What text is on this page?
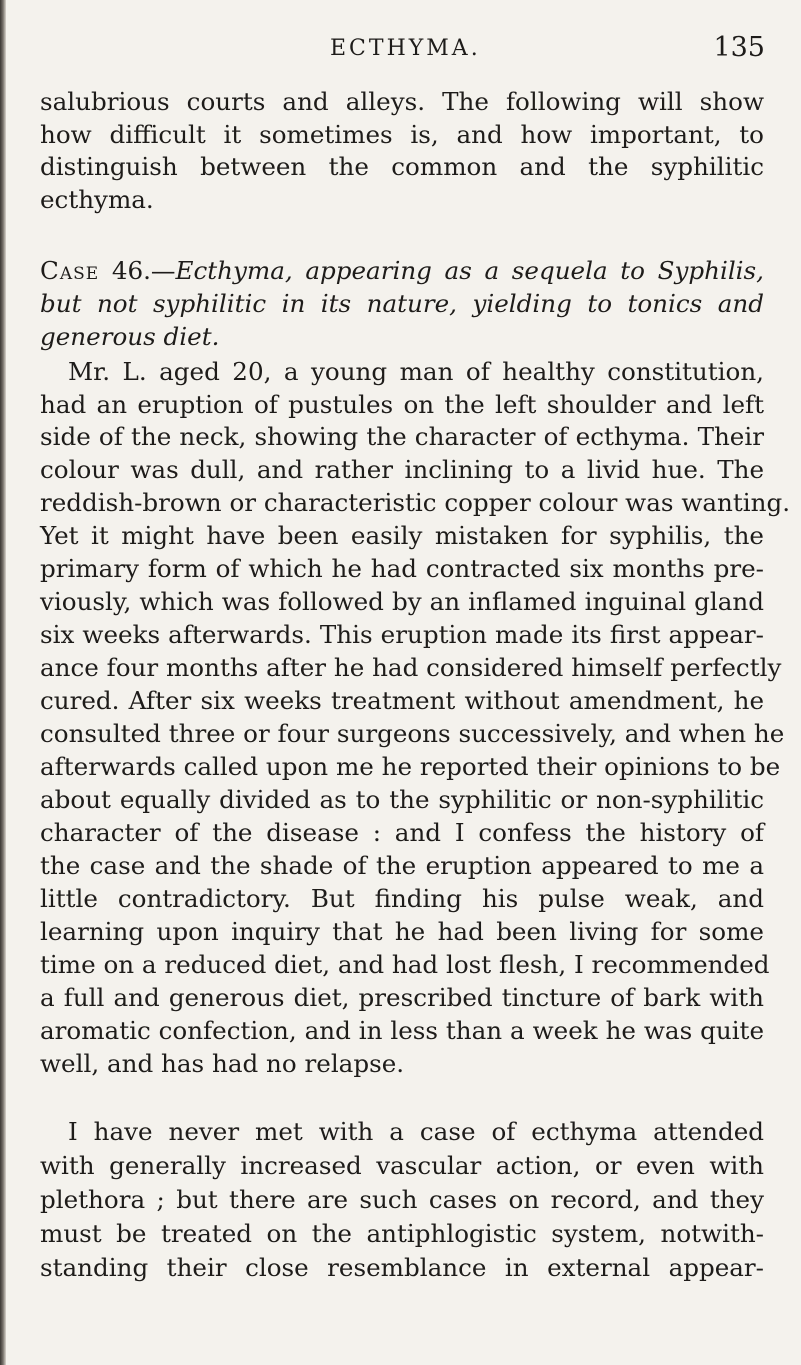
ECTHYMA.	135
salubrious courts and alleys. The following will show
how difficult it sometimes is, and how important, to
distinguish between the common and the syphilitic
ecthyma.
Case 46.—Ecthyma, appearing as a sequela to Syphilis,
but not syphilitic in its nature, yielding to tonics and
generous diet.
Mr. L. aged 20, a young man of healthy constitution,
had an eruption of pustules on the left shoulder and left
side of the neck, showing the character of ecthyma. Their
colour was dull, and rather inclining to a livid hue. The
reddish-brown or characteristic copper colour was wanting.
Yet it might have been easily mistaken for syphilis, the
primary form of which he had contracted six months pre-
viously, which was followed by an inflamed inguinal gland
six weeks afterwards. This eruption made its first appear-
ance four months after he had considered himself perfectly
cured. After six weeks treatment without amendment, he
consulted three or four surgeons successively, and when he
afterwards called upon me he reported their opinions to be
about equally divided as to the syphilitic or non-syphilitic
character of the disease : and I confess the history of
the case and the shade of the eruption appeared to me a
little contradictory. But finding his pulse weak, and
learning upon inquiry that he had been living for some
time on a reduced diet, and had lost flesh, I recommended
a full and generous diet, prescribed tincture of bark with
aromatic confection, and in less than a week he was quite
well, and has had no relapse.
I have never met with a case of ecthyma attended
with generally increased vascular action, or even with
plethora ; but there are such cases on record, and they
must be treated on the antiphlogistic system, notwith-
standing their close resemblance in external appear-
